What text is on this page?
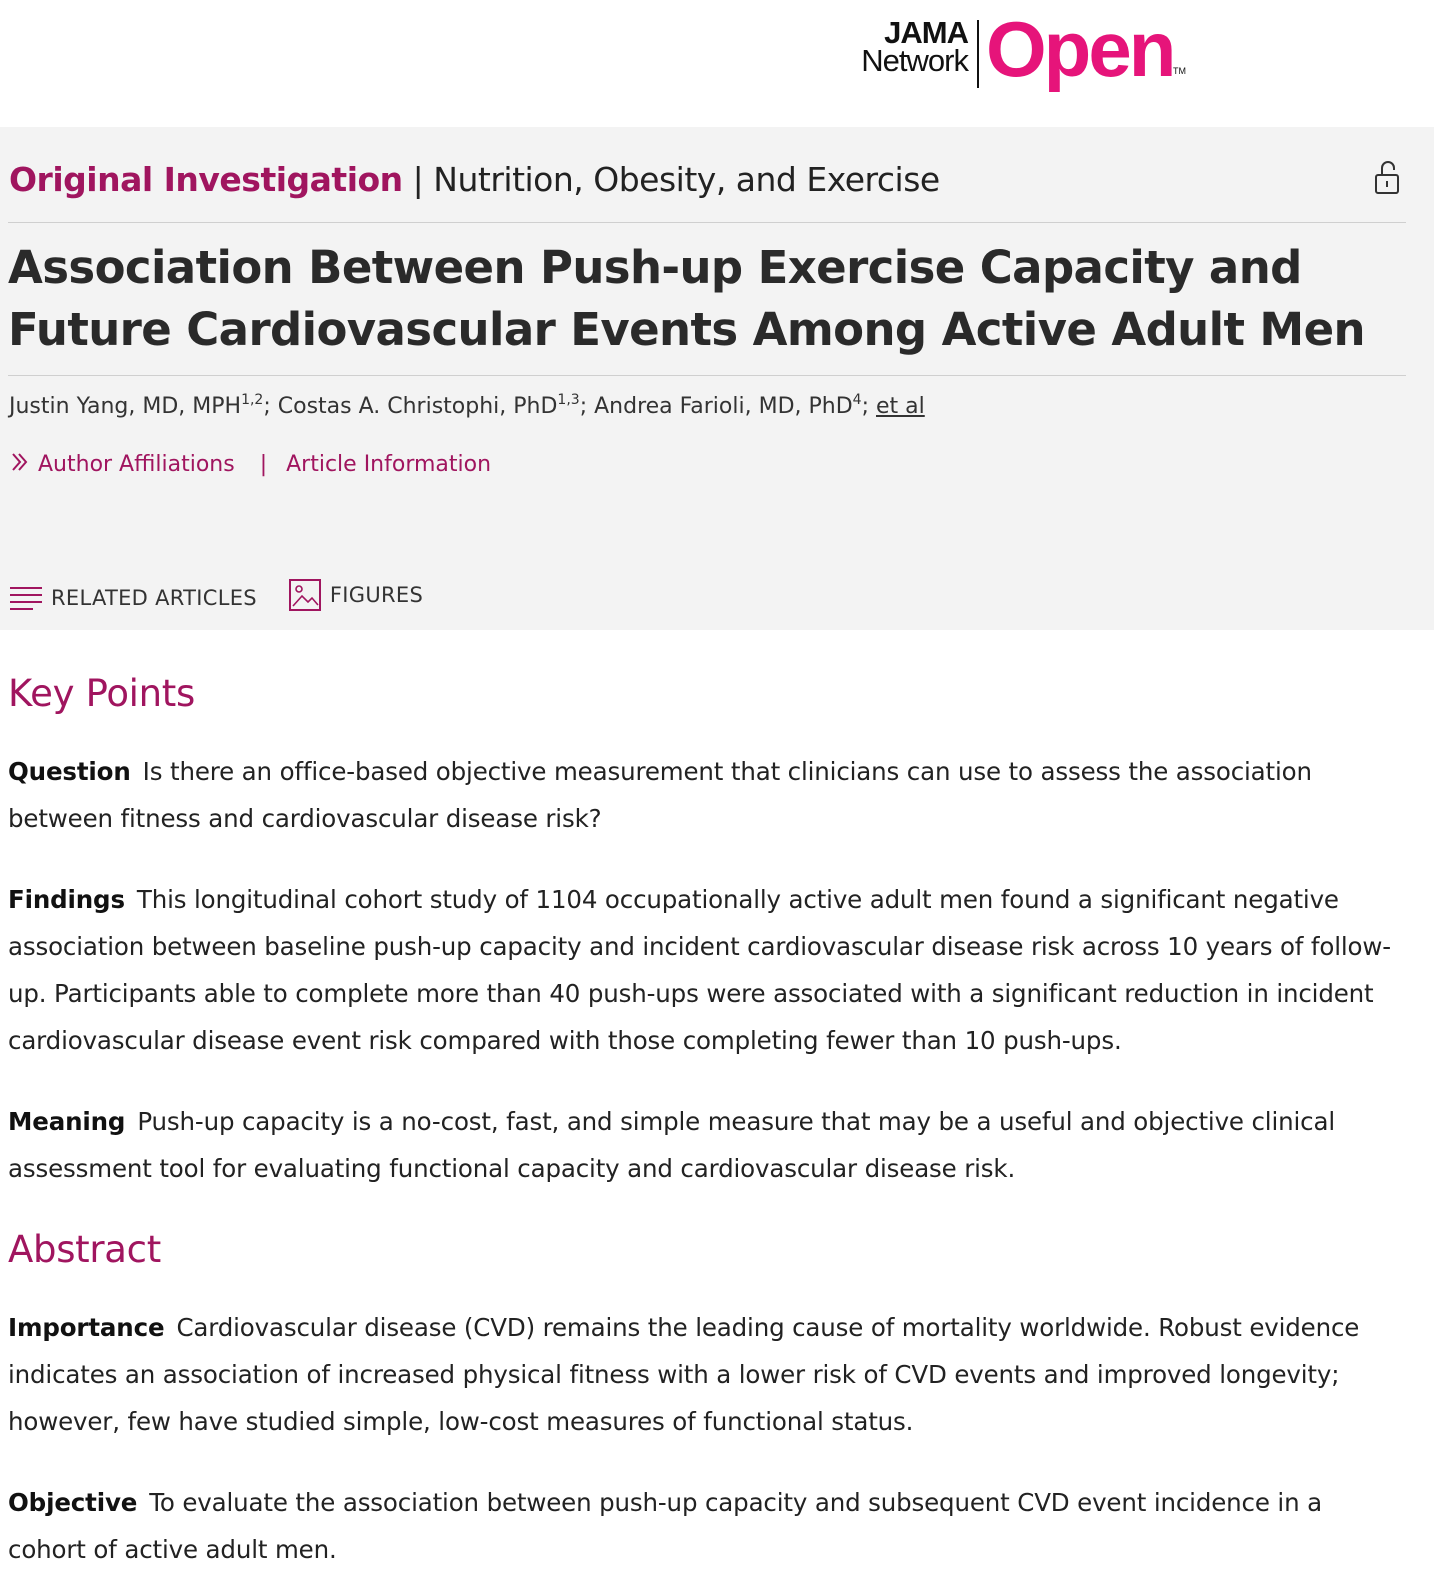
JAMA
Network Open TM
Original Investigation | Nutrition, Obesity, and Exercise
Association Between Push-up Exercise Capacity and Future Cardiovascular Events Among Active Adult Men
Justin Yang, MD, MPH$^{1,2}$; Costas A. Christophi, PhD$^{1,3}$; Andrea Farioli, MD, PhD$^4$; et al
Author Affiliations | Article Information
RELATED ARTICLES
	FIGURES
Key Points

Question Is there an office-based objective measurement that clinicians can use to assess the association between fitness and cardiovascular disease risk?

Findings This longitudinal cohort study of 1104 occupationally active adult men found a significant negative association between baseline push-up capacity and incident cardiovascular disease risk across 10 years of follow-up. Participants able to complete more than 40 push-ups were associated with a significant reduction in incident cardiovascular disease event risk compared with those completing fewer than 10 push-ups.

Meaning Push-up capacity is a no-cost, fast, and simple measure that may be a useful and objective clinical assessment tool for evaluating functional capacity and cardiovascular disease risk.

Abstract

Importance Cardiovascular disease (CVD) remains the leading cause of mortality worldwide. Robust evidence indicates an association of increased physical fitness with a lower risk of CVD events and improved longevity; however, few have studied simple, low-cost measures of functional status.

Objective To evaluate the association between push-up capacity and subsequent CVD event incidence in a cohort of active adult men.
